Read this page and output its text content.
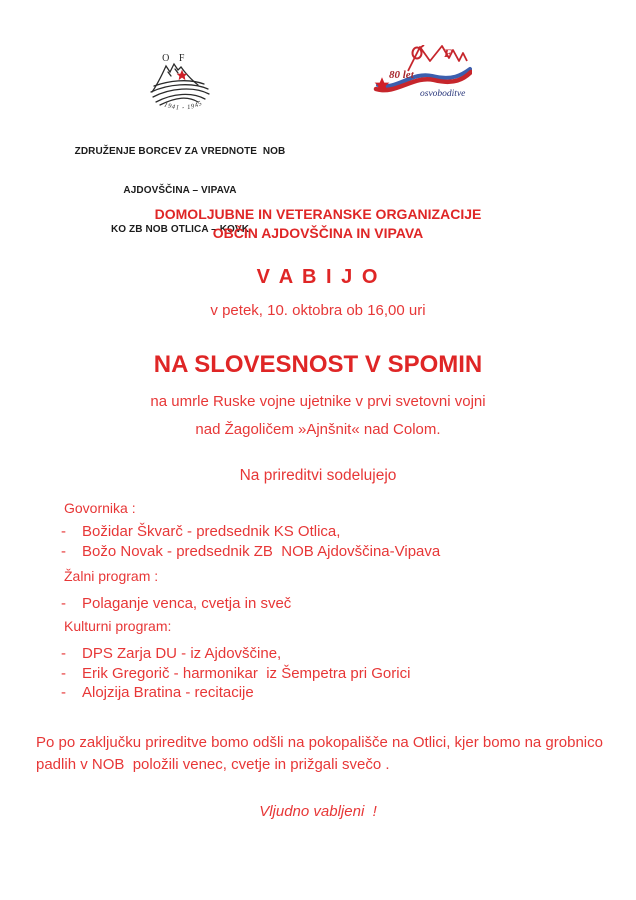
O F
1941 - 1945

ZDRUŽENJE BORCEV ZA VREDNOTE  NOB

AJDOVŠČINA – VIPAVA

KO ZB NOB OTLICA – KOVK

80 let
F
osvoboditve
DOMOLJUBNE IN VETERANSKE ORGANIZACIJE
OBČIN AJDOVŠČINA IN VIPAVA
V A B I J O
v petek, 10. oktobra ob 16,00 uri
NA SLOVESNOST V SPOMIN
na umrle Ruske vojne ujetnike v prvi svetovni vojni
nad Žagoličem »Ajnšnit« nad Colom.
Na prireditvi sodelujejo
Govornika :
-	Božidar Škvarč - predsednik KS Otlica,
-	Božo Novak - predsednik ZB  NOB Ajdovščina-Vipava
Žalni program :
-	Polaganje venca, cvetja in sveč
Kulturni program:
-	DPS Zarja DU - iz Ajdovščine,
-	Erik Gregorič - harmonikar  iz Šempetra pri Gorici
-	Alojzija Bratina - recitacije
Po po zaključku prireditve bomo odšli na pokopališče na Otlici, kjer bomo na grobnico padlih v NOB  položili venec, cvetje in prižgali svečo .
Vljudno vabljeni  !
